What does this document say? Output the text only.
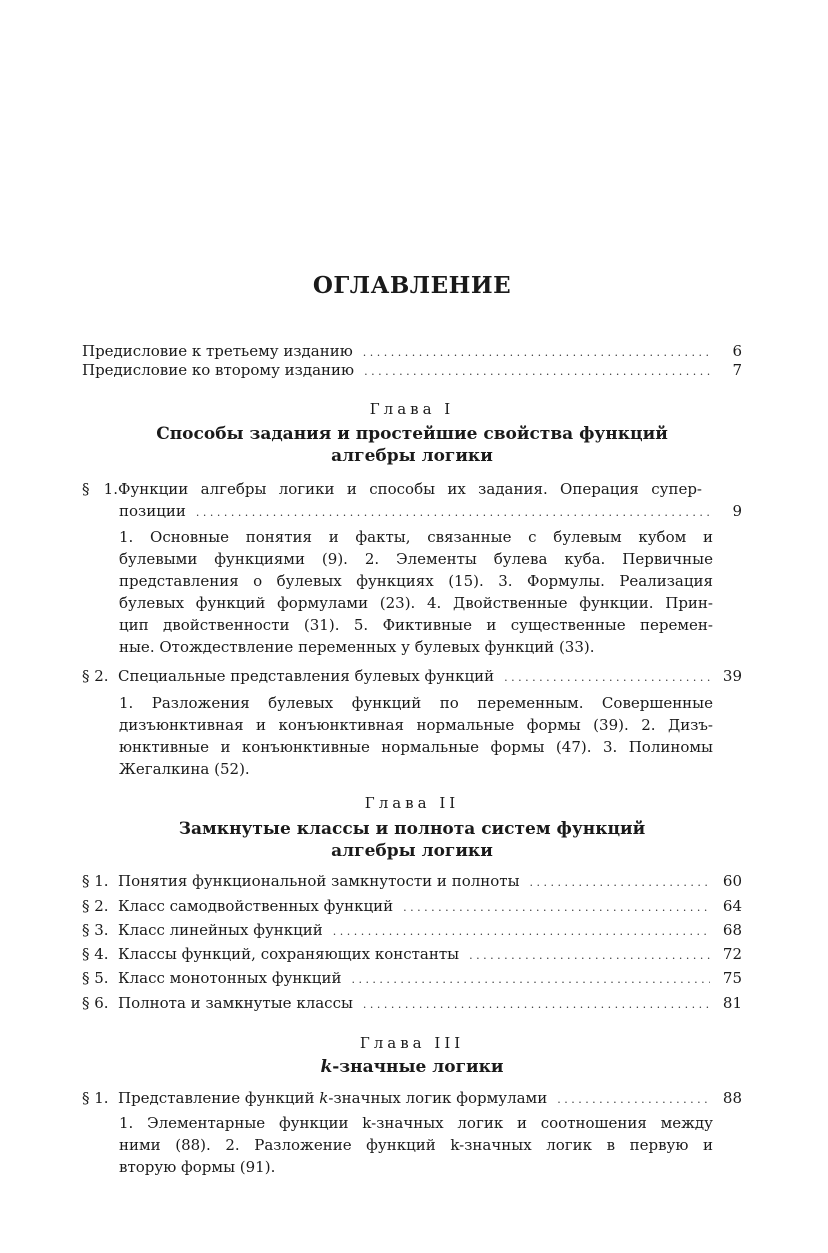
ОГЛАВЛЕНИЕ
Предисловие к третьему изданию . . .	6
Предисловие ко второму изданию . . .	7
Глава I
Способы задания и простейшие свойства функций
алгебры логики
§ 1.Функции алгебры логики и способы их задания. Операция супер-
позиции . . .	9
1. Основные понятия и факты, связанные с булевым кубом и
булевыми функциями (9). 2. Элементы булева куба. Первичные
представления о булевых функциях (15). 3. Формулы. Реализация
булевых функций формулами (23). 4. Двойственные функции. Прин-
цип двойственности (31). 5. Фиктивные и существенные перемен-
ные. Отождествление переменных у булевых функций (33).
§ 2. Специальные представления булевых функций . . .	39
1. Разложения булевых функций по переменным. Совершенные
дизъюнктивная и конъюнктивная нормальные формы (39). 2. Дизъ-
юнктивные и конъюнктивные нормальные формы (47). 3. Полиномы
Жегалкина (52).
Глава II
Замкнутые классы и полнота систем функций
алгебры логики
§ 1. Понятия функциональной замкнутости и полноты . . .	60
§ 2. Класс самодвойственных функций . . .	64
§ 3. Класс линейных функций . . .	68
§ 4. Классы функций, сохраняющих константы . . .	72
§ 5. Класс монотонных функций . . .	75
§ 6. Полнота и замкнутые классы . . .	81
Глава III
k-значные логики
§ 1. Представление функций k-значных логик формулами . . .	88
1. Элементарные функции k-значных логик и соотношения между
ними (88). 2. Разложение функций k-значных логик в первую и
вторую формы (91).
